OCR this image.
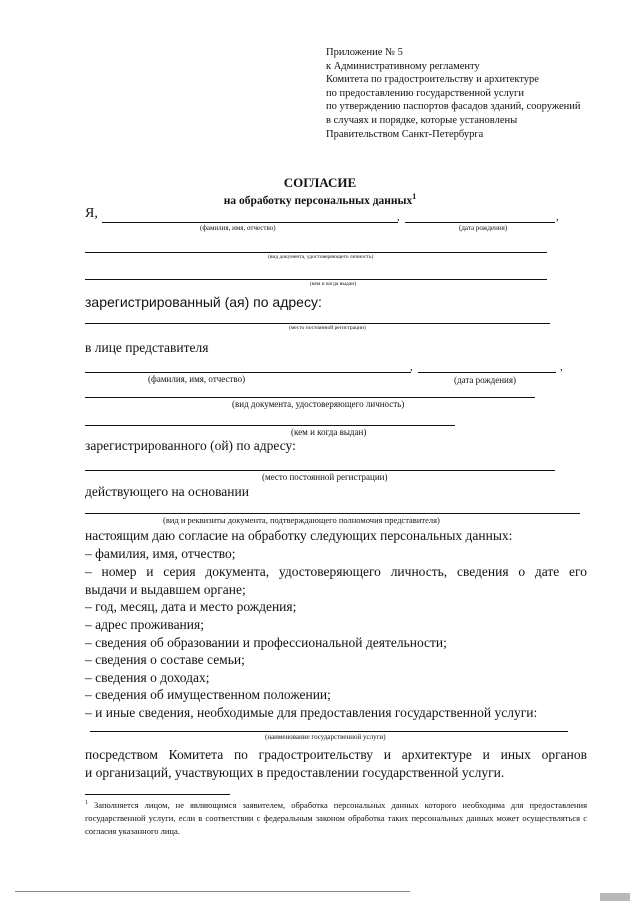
Приложение № 5
к Административному регламенту
Комитета по градостроительству и архитектуре
по предоставлению государственной услуги
по утверждению паспортов фасадов зданий, сооружений
в случаях и порядке, которые установлены
Правительством Санкт-Петербурга
СОГЛАСИЕ
на обработку персональных данных$^1$
Я,	,	,
(фамилия, имя, отчество)	(дата рождения)
(вид документа, удостоверяющего личность)
(кем и когда выдан)
зарегистрированный (ая) по адресу:
(место постоянной регистрации)
в лице представителя
,	,
(фамилия, имя, отчество)	(дата рождения)
(вид документа, удостоверяющего личность)
(кем и когда выдан)
зарегистрированного (ой) по адресу:
(место постоянной регистрации)
действующего на основании
(вид и реквизиты документа, подтверждающего полномочия представителя)
настоящим даю согласие на обработку следующих персональных данных:
– фамилия, имя, отчество;
– номер и серия документа, удостоверяющего личность, сведения о дате его
выдачи и выдавшем органе;
– год, месяц, дата и место рождения;
– адрес проживания;
– сведения об образовании и профессиональной деятельности;
– сведения о составе семьи;
– сведения о доходах;
– сведения об имущественном положении;
– и иные сведения, необходимые для предоставления государственной услуги:
(наименование государственной услуги)
посредством Комитета по градостроительству и архитектуре и иных органов
и организаций, участвующих в предоставлении государственной услуги.
$^1$ Заполняется лицом, не являющимся заявителем, обработка персональных данных которого необходима для предоставления государственной услуги, если в соответствии с федеральным законом обработка таких персональных данных может осуществляться с согласия указанного лица.
